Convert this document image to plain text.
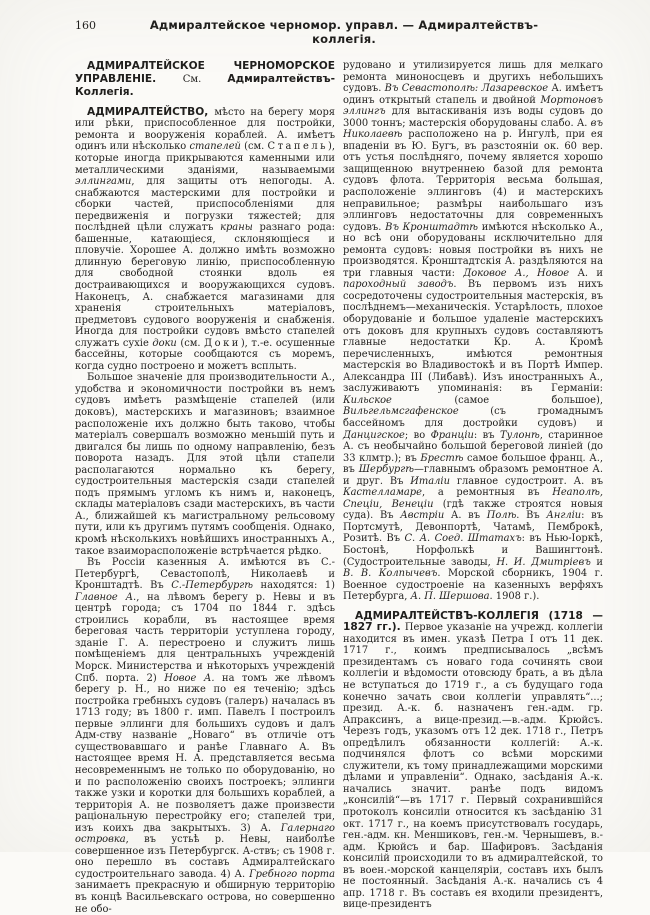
160	Адмиралтейское черномор. управл. — Адмиралтействъ-коллегія.

АДМИРАЛТЕЙСКОЕ ЧЕРНОМОРСКОЕ УПРАВЛЕНІЕ. См. Адмиралтействъ-Коллегія.

АДМИРАЛТЕЙСТВО, мѣсто на берегу моря или рѣки, приспособленное для постройки, ремонта и вооруженія кораблей. А. имѣетъ одинъ или нѣсколько стапелей (см. Стапель), которые иногда прикрываются каменными или металлическими зданіями, называемыми эллингами, для защиты отъ непогоды. А. снабжаются мастерскими для постройки и сборки частей, приспособленіями для передвиженія и погрузки тяжестей; для послѣдней цѣли служатъ краны разнаго рода: башенные, катающіеся, склоняющіеся и пловучіе. Хорошее А. должно имѣть возможно длинную береговую линію, приспособленную для свободной стоянки вдоль ея достраивающихся и вооружающихся судовъ. Наконецъ, А. снабжается магазинами для храненія строительныхъ матеріаловъ, предметовъ судового вооруженія и снабженія. Иногда для постройки судовъ вмѣсто стапелей служатъ сухіе доки (см. Доки), т.-е. осушенные бассейны, которые сообщаются съ моремъ, когда судно построено и можетъ всплыть.

Большое значеніе для производительности А., удобства и экономичности постройки въ немъ судовъ имѣетъ размѣщеніе стапелей (или доковъ), мастерскихъ и магазиновъ; взаимное расположеніе ихъ должно быть таково, чтобы матеріалъ совершалъ возможно меньшій путь и двигался бы лишь по одному направленію, безъ поворота назадъ. Для этой цѣли стапели располагаются нормально къ берегу, судостроительныя мастерскія сзади стапелей подъ прямымъ угломъ къ нимъ и, наконецъ, склады матеріаловъ сзади мастерскихъ, въ части А., ближайшей къ магистральному рельсовому пути, или къ другимъ путямъ сообщенія. Однако, кромѣ нѣсколькихъ новѣйшихъ иностранныхъ А., такое взаиморасположеніе встрѣчается рѣдко.

Въ Россіи казенныя А. имѣются въ С.-Петербургѣ, Севастополѣ, Николаевѣ и Кронштадтѣ. Въ С.-Петербургѣ находятся: 1) Главное А., на лѣвомъ берегу р. Невы и въ центрѣ города; съ 1704 по 1844 г. здѣсь строились корабли, въ настоящее время береговая часть территоріи уступлена городу, зданіе Г. А. перестроено и служитъ лишь помѣщеніемъ для центральныхъ учрежденій Морск. Министерства и нѣкоторыхъ учрежденій Спб. порта. 2) Новое А. на томъ же лѣвомъ берегу р. Н., но ниже по ея теченію; здѣсь постройка гребныхъ судовъ (галеръ) началась въ 1713 году; въ 1800 г. имп. Павелъ I построилъ первые эллинги для большихъ судовъ и далъ Адм-ству названіе „Новаго“ въ отличіе отъ существовавшаго и ранѣе Главнаго А. Въ настоящее время Н. А. представляется весьма несовременнымъ не только по оборудованію, но и по расположенію своихъ построекъ; эллинги также узки и коротки для большихъ кораблей, а территорія А. не позволяетъ даже произвести раціональную перестройку его; стапелей три, изъ коихъ два закрытыхъ. 3) А. Галернаго островка, въ устьѣ р. Невы, наиболѣе совершенное изъ Петербургск. А-ствъ; съ 1908 г. оно перешло въ составъ Адмиралтейскаго судостроительнаго завода. 4) А. Гребного порта занимаетъ прекрасную и обширную территорію въ концѣ Васильевскаго острова, но совершенно не обо-

рудовано и утилизируется лишь для мелкаго ремонта миноносцевъ и другихъ небольшихъ судовъ. Въ Севастополѣ: Лазаревское А. имѣетъ одинъ открытый стапель и двойной Мортоновъ эллингъ для вытаскиванія изъ воды судовъ до 3000 тоннъ; мастерскія оборудованы слабо. А. въ Николаевѣ расположено на р. Ингулѣ, при ея впаденіи въ Ю. Бугъ, въ разстояніи ок. 60 вер. отъ устья послѣдняго, почему является хорошо защищенною внутреннею базой для ремонта судовъ флота. Территорія весьма большая, расположеніе эллинговъ (4) и мастерскихъ неправильное; размѣры наибольшаго изъ эллинговъ недостаточны для современныхъ судовъ. Въ Кронштадтѣ имѣются нѣсколько А., но всѣ они оборудованы исключительно для ремонта судовъ: новыя постройки въ нихъ не производятся. Кронштадтскія А. раздѣляются на три главныя части: Доковое А., Новое А. и пароходный заводъ. Въ первомъ изъ нихъ сосредоточены судостроительныя мастерскія, въ послѣднемъ—механическія. Устарѣлость, плохое оборудованіе и большое удаленіе мастерскихъ отъ доковъ для крупныхъ судовъ составляютъ главные недостатки Кр. А. Кромѣ перечисленныхъ, имѣются ремонтныя мастерскія во Владивостокѣ и въ Портѣ Импер. Александра III (Либавѣ). Изъ иностранныхъ А., заслуживаютъ упоминанія: въ Германіи: Кильское (самое большое), Вильгельмсгафенское (съ громаднымъ бассейномъ для достройки судовъ) и Данцигское; во Франціи: въ Тулонѣ, старинное А. съ необычайно большой береговой линіей (до 33 клмтр.); въ Брестѣ самое большое франц. А., въ Шербургѣ—главнымъ образомъ ремонтное А. и друг. Въ Италіи главное судостроит. А. въ Кастелламаре, а ремонтныя въ Неаполѣ, Спеціи, Венеціи (гдѣ также строятся новыя суда). Въ Австріи А. въ Полѣ. Въ Англіи: въ Портсмутѣ, Девонпортѣ, Чатамѣ, Пемброкѣ, Розитѣ. Въ С. А. Соед. Штатахъ: въ Нью-Іоркѣ, Бостонѣ, Норфолькѣ и Вашингтонѣ. (Судостроительные заводы, Н. И. Дмитріевъ и В. В. Колпычевъ. Морской сборникъ, 1904 г. Военное судостроеніе на казенныхъ верфяхъ Петербурга, А. П. Шершова. 1908 г.).

АДМИРАЛТЕЙСТВЪ-КОЛЛЕГІЯ (1718 — 1827 гг.). Первое указаніе на учрежд. коллегіи находится въ имен. указѣ Петра I отъ 11 дек. 1717 г., коимъ предписывалось „всѣмъ президентамъ съ новаго года сочинять свои коллегіи и вѣдомости отовсюду брать, а въ дѣла не вступаться до 1719 г., а съ будущаго года конечно зачать свои коллегіи управлять“...; презид. А.-к. б. назначенъ ген.-адм. гр. Апраксинъ, а вице-презид.—в.-адм. Крюйсъ. Черезъ годъ, указомъ отъ 12 дек. 1718 г., Петръ опредѣлилъ обязанности коллегій: А.-к. подчинялся флотъ со всѣми морскими служители, къ тому принадлежащими морскими дѣлами и управленіи“. Однако, засѣданія А.-к. начались значит. ранѣе подъ видомъ „консилій“—въ 1717 г. Первый сохранившійся протоколъ консиліи относится къ засѣданію 31 окт. 1717 г., на коемъ присутствовалъ государь, ген.-адм. кн. Меншиковъ, ген.-м. Чернышевъ, в.-адм. Крюйсъ и бар. Шафировъ. Засѣданія консилій происходили то въ адмиралтейской, то въ воен.-морской канцеляріи, составъ ихъ былъ не постоянный. Засѣданія А.-к. начались съ 4 апр. 1718 г. Въ составъ ея входили президентъ, вице-президентъ
